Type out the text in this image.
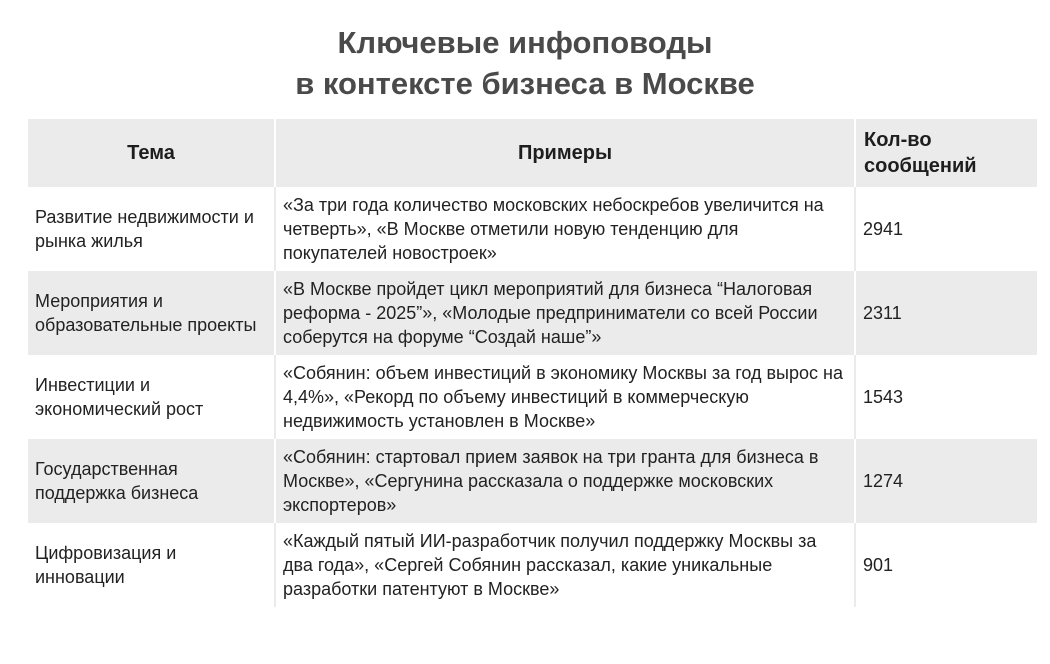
Ключевые инфоповоды
в контексте бизнеса в Москве
Тема	Примеры	Кол-во сообщений
Развитие недвижимости и рынка жилья	«За три года количество московских небоскребов увеличится на четверть», «В Москве отметили новую тенденцию для покупателей новостроек»	2941
Мероприятия и образовательные проекты	«В Москве пройдет цикл мероприятий для бизнеса “Налоговая реформа - 2025”», «Молодые предприниматели со всей России соберутся на форуме “Создай наше”»	2311
Инвестиции и экономический рост	«Собянин: объем инвестиций в экономику Москвы за год вырос на 4,4%», «Рекорд по объему инвестиций в коммерческую недвижимость установлен в Москве»	1543
Государственная поддержка бизнеса	«Собянин: стартовал прием заявок на три гранта для бизнеса в Москве», «Сергунина рассказала о поддержке московских экспортеров»	1274
Цифровизация и инновации	«Каждый пятый ИИ-разработчик получил поддержку Москвы за два года», «Сергей Собянин рассказал, какие уникальные разработки патентуют в Москве»	901
